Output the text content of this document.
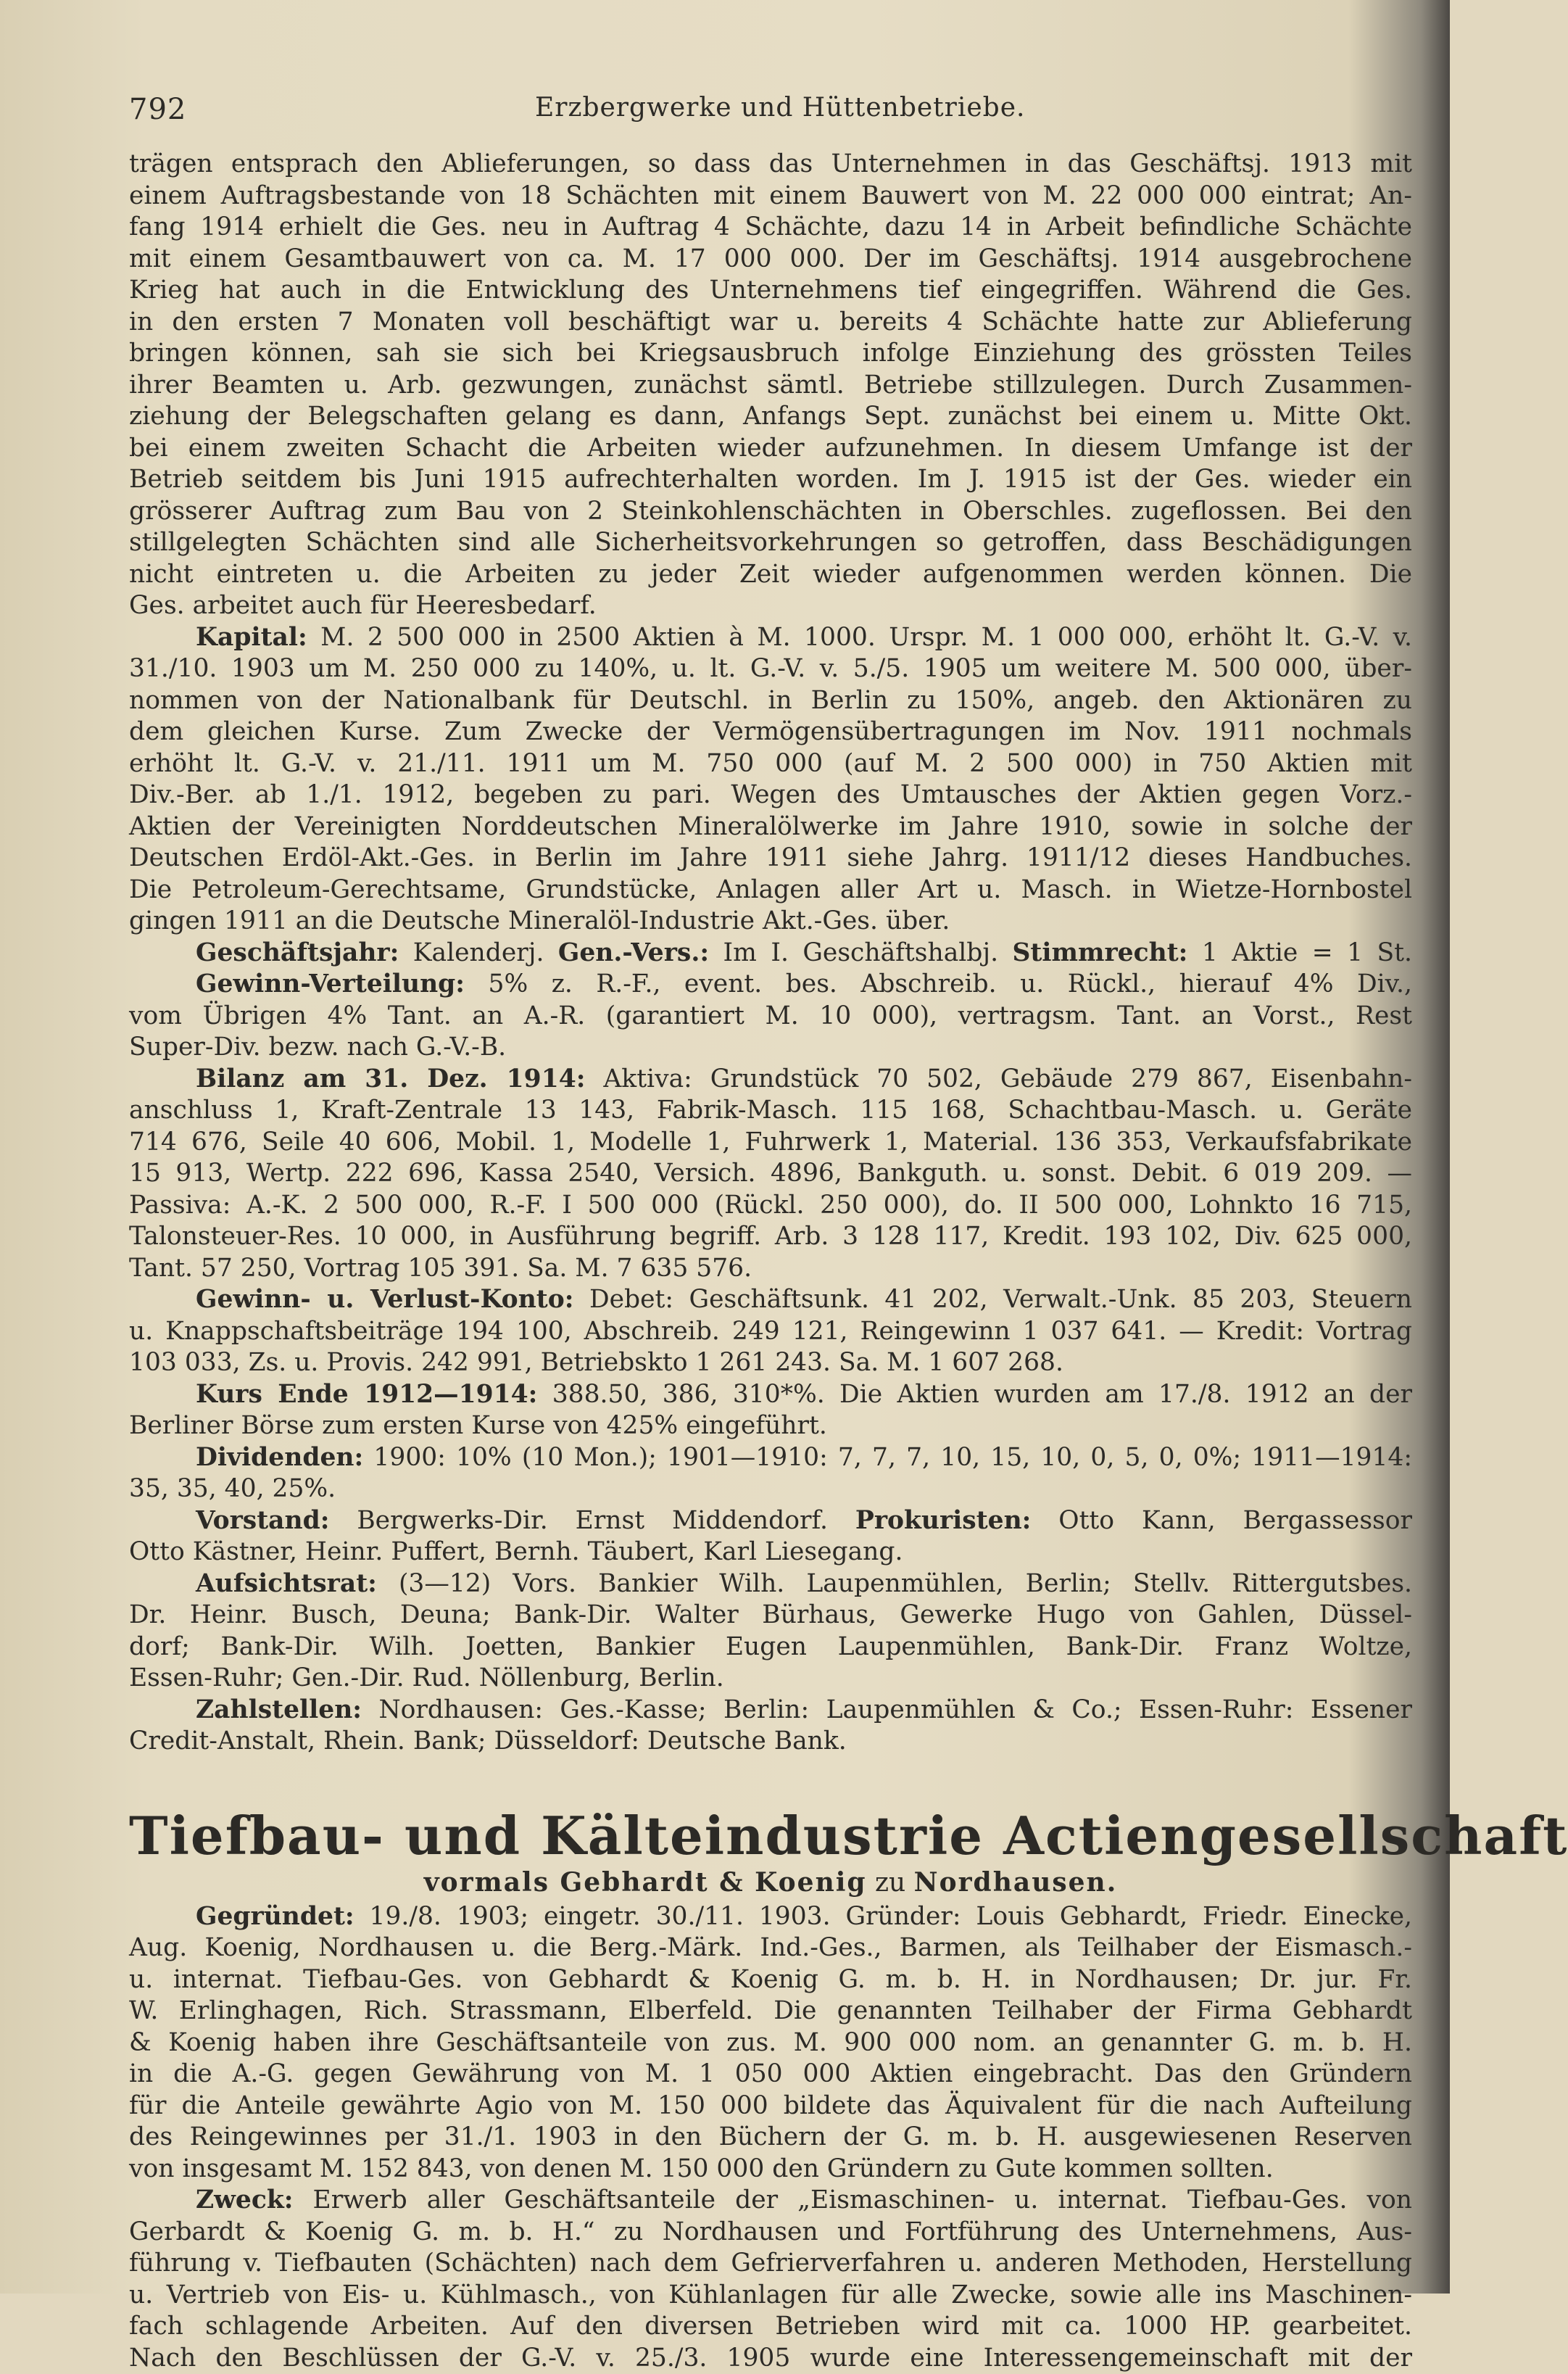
792	Erzbergwerke und Hüttenbetriebe.
trägen entsprach den Ablieferungen, so dass das Unternehmen in das Geschäftsj. 1913 mit
einem Auftragsbestande von 18 Schächten mit einem Bauwert von M. 22 000 000 eintrat; An-
fang 1914 erhielt die Ges. neu in Auftrag 4 Schächte, dazu 14 in Arbeit befindliche Schächte
mit einem Gesamtbauwert von ca. M. 17 000 000. Der im Geschäftsj. 1914 ausgebrochene
Krieg hat auch in die Entwicklung des Unternehmens tief eingegriffen. Während die Ges.
in den ersten 7 Monaten voll beschäftigt war u. bereits 4 Schächte hatte zur Ablieferung
bringen können, sah sie sich bei Kriegsausbruch infolge Einziehung des grössten Teiles
ihrer Beamten u. Arb. gezwungen, zunächst sämtl. Betriebe stillzulegen. Durch Zusammen-
ziehung der Belegschaften gelang es dann, Anfangs Sept. zunächst bei einem u. Mitte Okt.
bei einem zweiten Schacht die Arbeiten wieder aufzunehmen. In diesem Umfange ist der
Betrieb seitdem bis Juni 1915 aufrechterhalten worden. Im J. 1915 ist der Ges. wieder ein
grösserer Auftrag zum Bau von 2 Steinkohlenschächten in Oberschles. zugeflossen. Bei den
stillgelegten Schächten sind alle Sicherheitsvorkehrungen so getroffen, dass Beschädigungen
nicht eintreten u. die Arbeiten zu jeder Zeit wieder aufgenommen werden können. Die
Ges. arbeitet auch für Heeresbedarf.
Kapital: M. 2 500 000 in 2500 Aktien à M. 1000. Urspr. M. 1 000 000, erhöht lt. G.-V. v.
31./10. 1903 um M. 250 000 zu 140%, u. lt. G.-V. v. 5./5. 1905 um weitere M. 500 000, über-
nommen von der Nationalbank für Deutschl. in Berlin zu 150%, angeb. den Aktionären zu
dem gleichen Kurse. Zum Zwecke der Vermögensübertragungen im Nov. 1911 nochmals
erhöht lt. G.-V. v. 21./11. 1911 um M. 750 000 (auf M. 2 500 000) in 750 Aktien mit
Div.-Ber. ab 1./1. 1912, begeben zu pari. Wegen des Umtausches der Aktien gegen Vorz.-
Aktien der Vereinigten Norddeutschen Mineralölwerke im Jahre 1910, sowie in solche der
Deutschen Erdöl-Akt.-Ges. in Berlin im Jahre 1911 siehe Jahrg. 1911/12 dieses Handbuches.
Die Petroleum-Gerechtsame, Grundstücke, Anlagen aller Art u. Masch. in Wietze-Hornbostel
gingen 1911 an die Deutsche Mineralöl-Industrie Akt.-Ges. über.
Geschäftsjahr: Kalenderj. Gen.-Vers.: Im I. Geschäftshalbj. Stimmrecht: 1 Aktie = 1 St.
Gewinn-Verteilung: 5% z. R.-F., event. bes. Abschreib. u. Rückl., hierauf 4% Div.,
vom Übrigen 4% Tant. an A.-R. (garantiert M. 10 000), vertragsm. Tant. an Vorst., Rest
Super-Div. bezw. nach G.-V.-B.
Bilanz am 31. Dez. 1914: Aktiva: Grundstück 70 502, Gebäude 279 867, Eisenbahn-
anschluss 1, Kraft-Zentrale 13 143, Fabrik-Masch. 115 168, Schachtbau-Masch. u. Geräte
714 676, Seile 40 606, Mobil. 1, Modelle 1, Fuhrwerk 1, Material. 136 353, Verkaufsfabrikate
15 913, Wertp. 222 696, Kassa 2540, Versich. 4896, Bankguth. u. sonst. Debit. 6 019 209. —
Passiva: A.-K. 2 500 000, R.-F. I 500 000 (Rückl. 250 000), do. II 500 000, Lohnkto 16 715,
Talonsteuer-Res. 10 000, in Ausführung begriff. Arb. 3 128 117, Kredit. 193 102, Div. 625 000,
Tant. 57 250, Vortrag 105 391. Sa. M. 7 635 576.
Gewinn- u. Verlust-Konto: Debet: Geschäftsunk. 41 202, Verwalt.-Unk. 85 203, Steuern
u. Knappschaftsbeiträge 194 100, Abschreib. 249 121, Reingewinn 1 037 641. — Kredit: Vortrag
103 033, Zs. u. Provis. 242 991, Betriebskto 1 261 243. Sa. M. 1 607 268.
Kurs Ende 1912—1914: 388.50, 386, 310*%. Die Aktien wurden am 17./8. 1912 an der
Berliner Börse zum ersten Kurse von 425% eingeführt.
Dividenden: 1900: 10% (10 Mon.); 1901—1910: 7, 7, 7, 10, 15, 10, 0, 5, 0, 0%; 1911—1914:
35, 35, 40, 25%.
Vorstand: Bergwerks-Dir. Ernst Middendorf. Prokuristen: Otto Kann, Bergassessor
Otto Kästner, Heinr. Puffert, Bernh. Täubert, Karl Liesegang.
Aufsichtsrat: (3—12) Vors. Bankier Wilh. Laupenmühlen, Berlin; Stellv. Rittergutsbes.
Dr. Heinr. Busch, Deuna; Bank-Dir. Walter Bürhaus, Gewerke Hugo von Gahlen, Düssel-
dorf; Bank-Dir. Wilh. Joetten, Bankier Eugen Laupenmühlen, Bank-Dir. Franz Woltze,
Essen-Ruhr; Gen.-Dir. Rud. Nöllenburg, Berlin.
Zahlstellen: Nordhausen: Ges.-Kasse; Berlin: Laupenmühlen & Co.; Essen-Ruhr: Essener
Credit-Anstalt, Rhein. Bank; Düsseldorf: Deutsche Bank.
Tiefbau- und Kälteindustrie Actiengesellschaft
vormals Gebhardt & Koenig zu Nordhausen.
Gegründet: 19./8. 1903; eingetr. 30./11. 1903. Gründer: Louis Gebhardt, Friedr. Einecke,
Aug. Koenig, Nordhausen u. die Berg.-Märk. Ind.-Ges., Barmen, als Teilhaber der Eismasch.-
u. internat. Tiefbau-Ges. von Gebhardt & Koenig G. m. b. H. in Nordhausen; Dr. jur. Fr.
W. Erlinghagen, Rich. Strassmann, Elberfeld. Die genannten Teilhaber der Firma Gebhardt
& Koenig haben ihre Geschäftsanteile von zus. M. 900 000 nom. an genannter G. m. b. H.
in die A.-G. gegen Gewährung von M. 1 050 000 Aktien eingebracht. Das den Gründern
für die Anteile gewährte Agio von M. 150 000 bildete das Äquivalent für die nach Aufteilung
des Reingewinnes per 31./1. 1903 in den Büchern der G. m. b. H. ausgewiesenen Reserven
von insgesamt M. 152 843, von denen M. 150 000 den Gründern zu Gute kommen sollten.
Zweck: Erwerb aller Geschäftsanteile der „Eismaschinen- u. internat. Tiefbau-Ges. von
Gerbardt & Koenig G. m. b. H.“ zu Nordhausen und Fortführung des Unternehmens, Aus-
führung v. Tiefbauten (Schächten) nach dem Gefrierverfahren u. anderen Methoden, Herstellung
u. Vertrieb von Eis- u. Kühlmasch., von Kühlanlagen für alle Zwecke, sowie alle ins Maschinen-
fach schlagende Arbeiten. Auf den diversen Betrieben wird mit ca. 1000 HP. gearbeitet.
Nach den Beschlüssen der G.-V. v. 25./3. 1905 wurde eine Interessengemeinschaft mit der
